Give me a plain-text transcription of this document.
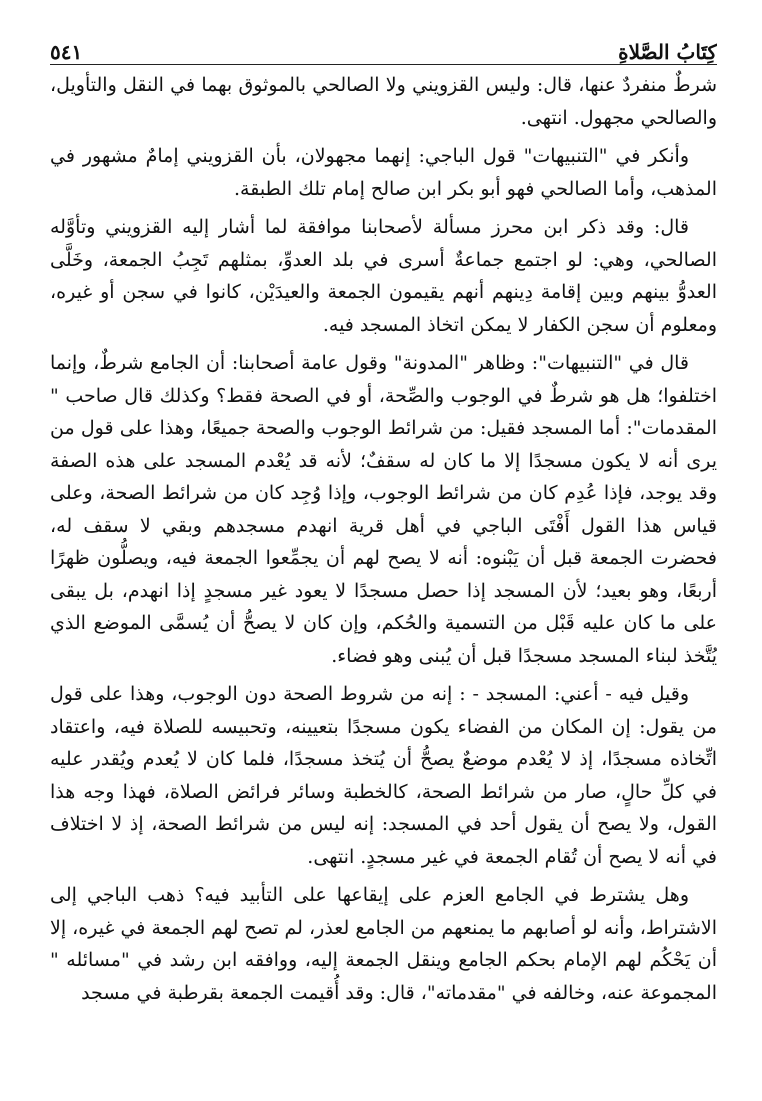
كِتَابُ الصَّلاةِ
٥٤١

شرطٌ منفردٌ عنها، قال: وليس القزويني ولا الصالحي بالموثوق بهما في النقل والتأويل، والصالحي مجهول. انتهى.

وأنكر في "التنبيهات" قول الباجي: إنهما مجهولان، بأن القزويني إمامٌ مشهور في المذهب، وأما الصالحي فهو أبو بكر ابن صالح إمام تلك الطبقة.

قال: وقد ذكر ابن محرز مسألة لأصحابنا موافقة لما أشار إليه القزويني وتأوَّله الصالحي، وهي: لو اجتمع جماعةٌ أسرى في بلد العدوِّ، بمثلهم تَجِبُ الجمعة، وخَلَّى العدوُّ بينهم وبين إقامة دِينهم أنهم يقيمون الجمعة والعيدَيْن، كانوا في سجن أو غيره، ومعلوم أن سجن الكفار لا يمكن اتخاذ المسجد فيه.

قال في "التنبيهات": وظاهر "المدونة" وقول عامة أصحابنا: أن الجامع شرطٌ، وإنما اختلفوا؛ هل هو شرطٌ في الوجوب والصِّحة، أو في الصحة فقط؟ وكذلك قال صاحب " المقدمات": أما المسجد فقيل: من شرائط الوجوب والصحة جميعًا، وهذا على قول من يرى أنه لا يكون مسجدًا إلا ما كان له سقفٌ؛ لأنه قد يُعْدم المسجد على هذه الصفة وقد يوجد، فإذا عُدِم كان من شرائط الوجوب، وإذا وُجِد كان من شرائط الصحة، وعلى قياس هذا القول أَفْتَى الباجي في أهل قرية انهدم مسجدهم وبقي لا سقف له، فحضرت الجمعة قبل أن يَبْنوه: أنه لا يصح لهم أن يجمِّعوا الجمعة فيه، ويصلُّون ظهرًا أربعًا، وهو بعيد؛ لأن المسجد إذا حصل مسجدًا لا يعود غير مسجدٍ إذا انهدم، بل يبقى على ما كان عليه قَبْل من التسمية والحُكم، وإن كان لا يصحُّ أن يُسمَّى الموضع الذي يُتَّخذ لبناء المسجد مسجدًا قبل أن يُبنى وهو فضاء.

وقيل فيه - أعني: المسجد - : إنه من شروط الصحة دون الوجوب، وهذا على قول من يقول: إن المكان من الفضاء يكون مسجدًا بتعيينه، وتحبيسه للصلاة فيه، واعتقاد اتِّخاذه مسجدًا، إذ لا يُعْدم موضعٌ يصحُّ أن يُتخذ مسجدًا، فلما كان لا يُعدم ويُقدر عليه في كلِّ حالٍ، صار من شرائط الصحة، كالخطبة وسائر فرائض الصلاة، فهذا وجه هذا القول، ولا يصح أن يقول أحد في المسجد: إنه ليس من شرائط الصحة، إذ لا اختلاف في أنه لا يصح أن تُقام الجمعة في غير مسجدٍ. انتهى.

وهل يشترط في الجامع العزم على إيقاعها على التأبيد فيه؟ ذهب الباجي إلى الاشتراط، وأنه لو أصابهم ما يمنعهم من الجامع لعذر، لم تصح لهم الجمعة في غيره، إلا أن يَحْكُم لهم الإمام بحكم الجامع وينقل الجمعة إليه، ووافقه ابن رشد في "مسائله " المجموعة عنه، وخالفه في "مقدماته"، قال: وقد أُقيمت الجمعة بقرطبة في مسجد
